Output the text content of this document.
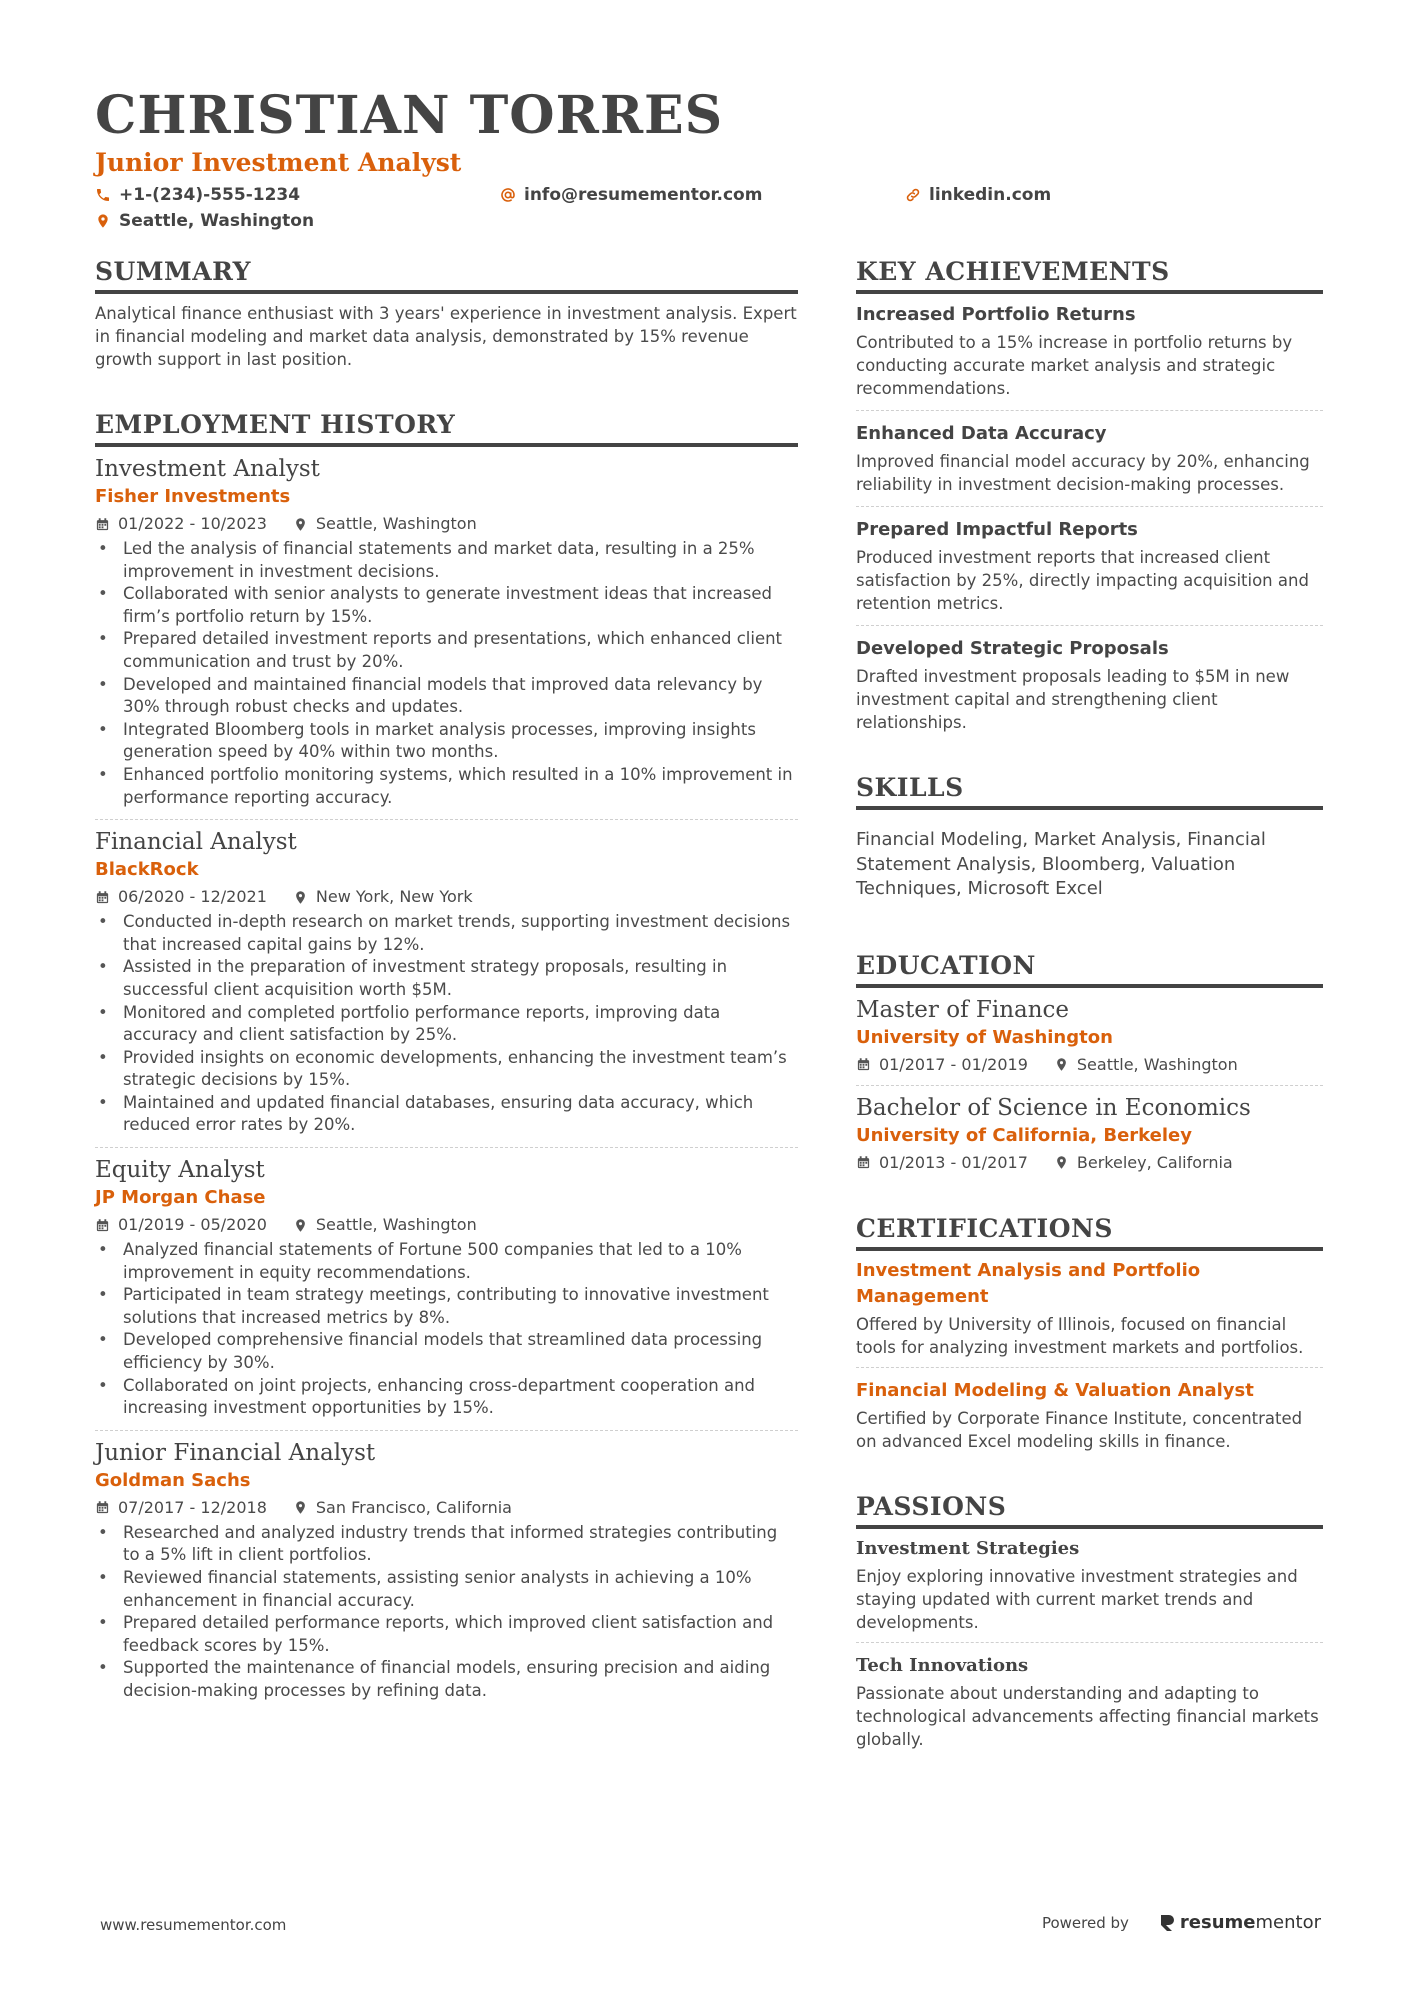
CHRISTIAN TORRES
Junior Investment Analyst
+1-(234)-555-1234	info@resumementor.com	linkedin.com
Seattle, Washington
SUMMARY
Analytical finance enthusiast with 3 years' experience in investment analysis. Expert in financial modeling and market data analysis, demonstrated by 15% revenue growth support in last position.
EMPLOYMENT HISTORY
Investment Analyst
Fisher Investments
01/2022 - 10/2023	Seattle, Washington
• Led the analysis of financial statements and market data, resulting in a 25% improvement in investment decisions.
• Collaborated with senior analysts to generate investment ideas that increased firm’s portfolio return by 15%.
• Prepared detailed investment reports and presentations, which enhanced client communication and trust by 20%.
• Developed and maintained financial models that improved data relevancy by 30% through robust checks and updates.
• Integrated Bloomberg tools in market analysis processes, improving insights generation speed by 40% within two months.
• Enhanced portfolio monitoring systems, which resulted in a 10% improvement in performance reporting accuracy.
Financial Analyst
BlackRock
06/2020 - 12/2021	New York, New York
• Conducted in-depth research on market trends, supporting investment decisions that increased capital gains by 12%.
• Assisted in the preparation of investment strategy proposals, resulting in successful client acquisition worth $5M.
• Monitored and completed portfolio performance reports, improving data accuracy and client satisfaction by 25%.
• Provided insights on economic developments, enhancing the investment team’s strategic decisions by 15%.
• Maintained and updated financial databases, ensuring data accuracy, which reduced error rates by 20%.
Equity Analyst
JP Morgan Chase
01/2019 - 05/2020	Seattle, Washington
• Analyzed financial statements of Fortune 500 companies that led to a 10% improvement in equity recommendations.
• Participated in team strategy meetings, contributing to innovative investment solutions that increased metrics by 8%.
• Developed comprehensive financial models that streamlined data processing efficiency by 30%.
• Collaborated on joint projects, enhancing cross-department cooperation and increasing investment opportunities by 15%.
Junior Financial Analyst
Goldman Sachs
07/2017 - 12/2018	San Francisco, California
• Researched and analyzed industry trends that informed strategies contributing to a 5% lift in client portfolios.
• Reviewed financial statements, assisting senior analysts in achieving a 10% enhancement in financial accuracy.
• Prepared detailed performance reports, which improved client satisfaction and feedback scores by 15%.
• Supported the maintenance of financial models, ensuring precision and aiding decision-making processes by refining data.
KEY ACHIEVEMENTS
Increased Portfolio Returns
Contributed to a 15% increase in portfolio returns by conducting accurate market analysis and strategic recommendations.
Enhanced Data Accuracy
Improved financial model accuracy by 20%, enhancing reliability in investment decision-making processes.
Prepared Impactful Reports
Produced investment reports that increased client satisfaction by 25%, directly impacting acquisition and retention metrics.
Developed Strategic Proposals
Drafted investment proposals leading to $5M in new investment capital and strengthening client relationships.
SKILLS
Financial Modeling, Market Analysis, Financial Statement Analysis, Bloomberg, Valuation Techniques, Microsoft Excel
EDUCATION
Master of Finance
University of Washington
01/2017 - 01/2019	Seattle, Washington
Bachelor of Science in Economics
University of California, Berkeley
01/2013 - 01/2017	Berkeley, California
CERTIFICATIONS
Investment Analysis and Portfolio Management
Offered by University of Illinois, focused on financial tools for analyzing investment markets and portfolios.
Financial Modeling & Valuation Analyst
Certified by Corporate Finance Institute, concentrated on advanced Excel modeling skills in finance.
PASSIONS
Investment Strategies
Enjoy exploring innovative investment strategies and staying updated with current market trends and developments.
Tech Innovations
Passionate about understanding and adapting to technological advancements affecting financial markets globally.
www.resumementor.com	Powered by	resume mentor
